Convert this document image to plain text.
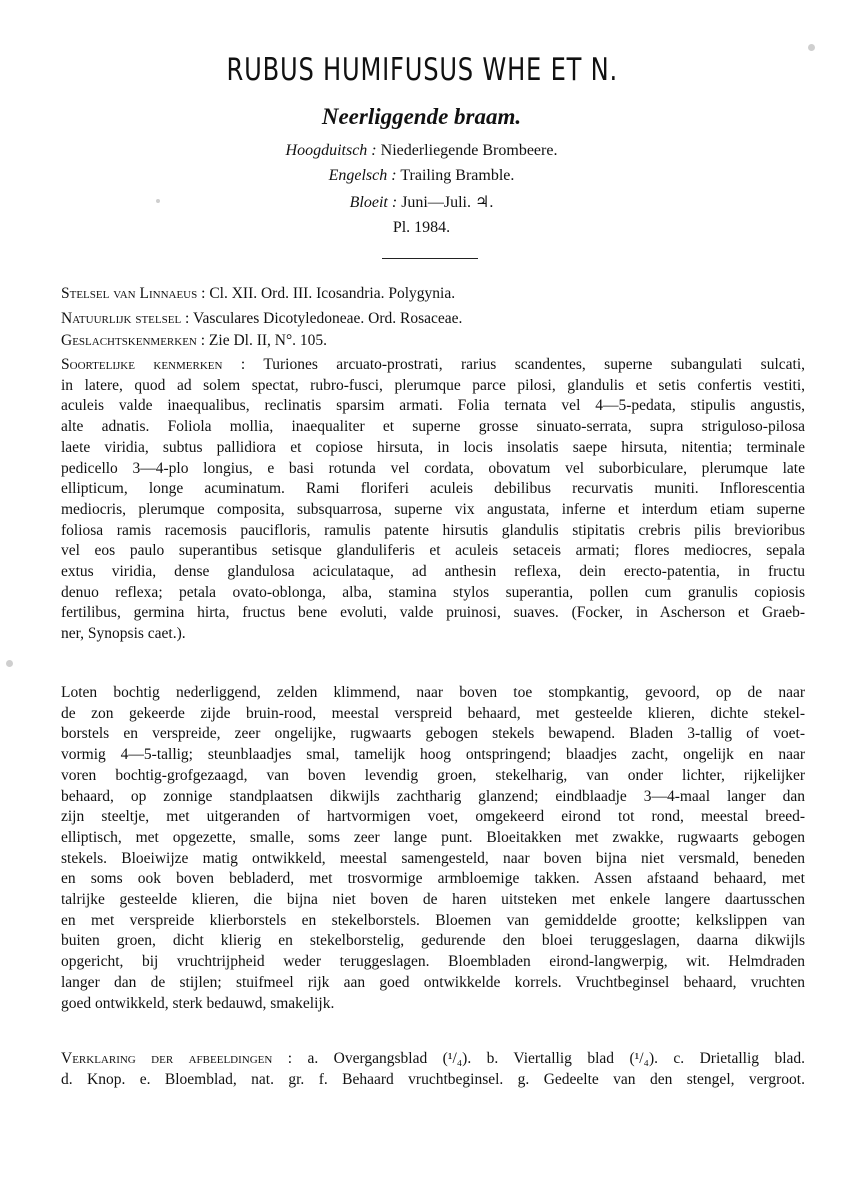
RUBUS HUMIFUSUS WHE ET N.
Neerliggende braam.
Hoogduitsch : Niederliegende Brombeere.
Engelsch : Trailing Bramble.
Bloeit : Juni—Juli. ♃.
Pl. 1984.
Stelsel van Linnaeus : Cl. XII. Ord. III. Icosandria. Polygynia.
Natuurlijk stelsel : Vasculares Dicotyledoneae. Ord. Rosaceae.
Geslachtskenmerken : Zie Dl. II, N°. 105.
Soortelijke kenmerken : Turiones arcuato-prostrati, rarius scandentes, superne subangulati sulcati,
in latere, quod ad solem spectat, rubro-fusci, plerumque parce pilosi, glandulis et setis confertis vestiti,
aculeis valde inaequalibus, reclinatis sparsim armati. Folia ternata vel 4—5-pedata, stipulis angustis,
alte adnatis. Foliola mollia, inaequaliter et superne grosse sinuato-serrata, supra striguloso-pilosa
laete viridia, subtus pallidiora et copiose hirsuta, in locis insolatis saepe hirsuta, nitentia; terminale
pedicello 3—4-plo longius, e basi rotunda vel cordata, obovatum vel suborbiculare, plerumque late
ellipticum, longe acuminatum. Rami floriferi aculeis debilibus recurvatis muniti. Inflorescentia
mediocris, plerumque composita, subsquarrosa, superne vix angustata, inferne et interdum etiam superne
foliosa ramis racemosis paucifloris, ramulis patente hirsutis glandulis stipitatis crebris pilis brevioribus
vel eos paulo superantibus setisque glanduliferis et aculeis setaceis armati; flores mediocres, sepala
extus viridia, dense glandulosa aciculataque, ad anthesin reflexa, dein erecto-patentia, in fructu
denuo reflexa; petala ovato-oblonga, alba, stamina stylos superantia, pollen cum granulis copiosis
fertilibus, germina hirta, fructus bene evoluti, valde pruinosi, suaves. (Focker, in Ascherson et Graeb-
ner, Synopsis caet.).
Loten bochtig nederliggend, zelden klimmend, naar boven toe stompkantig, gevoord, op de naar
de zon gekeerde zijde bruin-rood, meestal verspreid behaard, met gesteelde klieren, dichte stekel-
borstels en verspreide, zeer ongelijke, rugwaarts gebogen stekels bewapend. Bladen 3-tallig of voet-
vormig 4—5-tallig; steunblaadjes smal, tamelijk hoog ontspringend; blaadjes zacht, ongelijk en naar
voren bochtig-grofgezaagd, van boven levendig groen, stekelharig, van onder lichter, rijkelijker
behaard, op zonnige standplaatsen dikwijls zachtharig glanzend; eindblaadje 3—4-maal langer dan
zijn steeltje, met uitgeranden of hartvormigen voet, omgekeerd eirond tot rond, meestal breed-
elliptisch, met opgezette, smalle, soms zeer lange punt. Bloeitakken met zwakke, rugwaarts gebogen
stekels. Bloeiwijze matig ontwikkeld, meestal samengesteld, naar boven bijna niet versmald, beneden
en soms ook boven bebladerd, met trosvormige armbloemige takken. Assen afstaand behaard, met
talrijke gesteelde klieren, die bijna niet boven de haren uitsteken met enkele langere daartusschen
en met verspreide klierborstels en stekelborstels. Bloemen van gemiddelde grootte; kelkslippen van
buiten groen, dicht klierig en stekelborstelig, gedurende den bloei teruggeslagen, daarna dikwijls
opgericht, bij vruchtrijpheid weder teruggeslagen. Bloembladen eirond-langwerpig, wit. Helmdraden
langer dan de stijlen; stuifmeel rijk aan goed ontwikkelde korrels. Vruchtbeginsel behaard, vruchten
goed ontwikkeld, sterk bedauwd, smakelijk.
Verklaring der afbeeldingen : a. Overgangsblad (¹/₄). b. Viertallig blad (¹/₄). c. Drietallig blad.
d. Knop. e. Bloemblad, nat. gr. f. Behaard vruchtbeginsel. g. Gedeelte van den stengel, vergroot.
